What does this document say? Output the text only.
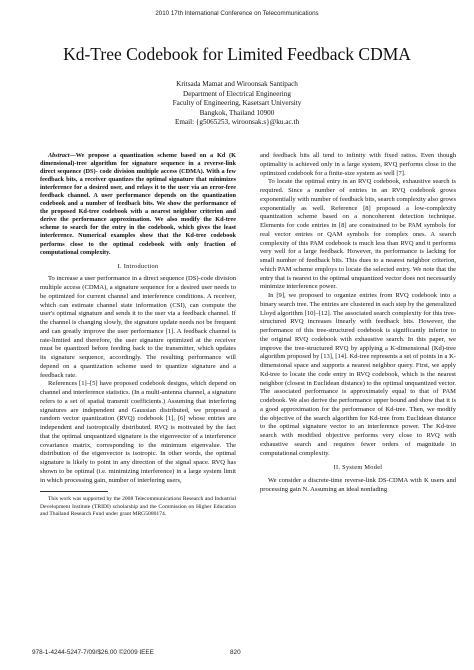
2010 17th International Conference on Telecommunications
Kd-Tree Codebook for Limited Feedback CDMA
Kritsada Mamat and Wiroonsak Santipach
Department of Electrical Engineering
Faculty of Engineering, Kasetsart University
Bangkok, Thailand 10900
Email: {g5065253, wiroonsak.s}@ku.ac.th

Abstract—We propose a quantization scheme based on a Kd (K dimensional)-tree algorithm for signature sequence in a reverse-link direct sequence (DS)- code division multiple access (CDMA). With a few feedback bits, a receiver quantizes the optimal signature that minimizes interference for a desired user, and relays it to the user via an error-free feedback channel. A user performance depends on the quantization codebook and a number of feedback bits. We show the performance of the proposed Kd-tree codebook with a nearest neighbor criterion and derive the performance approximation. We also modify the Kd-tree scheme to search for the entry in the codebook, which gives the least interference. Numerical examples show that the Kd-tree codebook performs close to the optimal codebook with only fraction of computational complexity.

I. Introduction

To increase a user performance in a direct sequence (DS)-code division multiple access (CDMA), a signature sequence for a desired user needs to be optimized for current channel and interference conditions. A receiver, which can estimate channel state information (CSI), can compute the user's optimal signature and sends it to the user via a feedback channel. If the channel is changing slowly, the signature update needs not be frequent and can greatly improve the user performance [1]. A feedback channel is rate-limited and therefore, the user signature optimized at the receiver must be quantized before feeding back to the transmitter, which updates its signature sequence, accordingly. The resulting performance will depend on a quantization scheme used to quantize signature and a feedback rate.

References [1]–[5] have proposed codebook designs, which depend on channel and interference statistics. (In a multi-antenna channel, a signature refers to a set of spatial transmit coefficients.) Assuming that interfering signatures are independent and Gaussian distributed, we proposed a random vector quantization (RVQ) codebook [1], [6] whose entries are independent and isotropically distributed. RVQ is motivated by the fact that the optimal unquantized signature is the eigenvector of a interference covariance matrix, corresponding to the minimum eigenvalue. The distribution of the eigenvector is isotropic. In other words, the optimal signature is likely to point in any direction of the signal space. RVQ has shown to be optimal (i.e. minimizing interference) in a large system limit in which processing gain, number of interfering users,

This work was supported by the 2008 Telecommunications Research and Industrial Development Institute (TRIDI) scholarship and the Commission on Higher Education and Thailand Research Fund under grant MRG5080174.

and feedback bits all tend to infinity with fixed ratios. Even though optimality is achieved only in a large system, RVQ performs close to the optimized codebook for a finite-size system as well [7].

To locate the optimal entry in an RVQ codebook, exhaustive search is required. Since a number of entries in an RVQ codebook grows exponentially with number of feedback bits, search complexity also grows exponentially as well. Reference [8] proposed a low-complexity quantization scheme based on a noncoherent detection technique. Elements for code entries in [8] are constrained to be PAM symbols for real vector entries or QAM symbols for complex ones. A search complexity of this PAM codebook is much less than RVQ and it performs very well for a large feedback. However, its performance is lacking for small number of feedback bits. This dues to a nearest neighbor criterion, which PAM scheme employs to locate the selected entry. We note that the entry that is nearest to the optimal unquantized vector does not necessarily minimize interference power.

In [9], we proposed to organize entries from RVQ codebook into a binary search tree. The entries are clustered in each step by the generalized Lloyd algorithm [10]–[12]. The associated search complexity for this tree-structured RVQ increases linearly with feedback bits. However, the performance of this tree-structured codebook is significantly inferior to the original RVQ codebook with exhaustive search. In this paper, we improve the tree-structured RVQ by applying a K-dimensional (Kd)-tree algorithm proposed by [13], [14]. Kd-tree represents a set of points in a K-dimensional space and supports a nearest neighbor query. First, we apply Kd-tree to locate the code entry in RVQ codebook, which is the nearest neighbor (closest in Euclidean distance) to the optimal unquantized vector. The associated performance is approximately equal to that of PAM codebook. We also derive the performance upper bound and show that it is a good approximation for the performance of Kd-tree. Then, we modify the objective of the search algorithm for Kd-tree from Euclidean distance to the optimal signature vector to an interference power. The Kd-tree search with modified objective performs very close to RVQ with exhaustive search and requires fewer orders of magnitude in computational complexity.

II. System Model

We consider a discrete-time reverse-link DS-CDMA with K users and processing gain N. Assuming an ideal nonfading

978-1-4244-5247-7/09/$26.00 ©2009 IEEE	820
